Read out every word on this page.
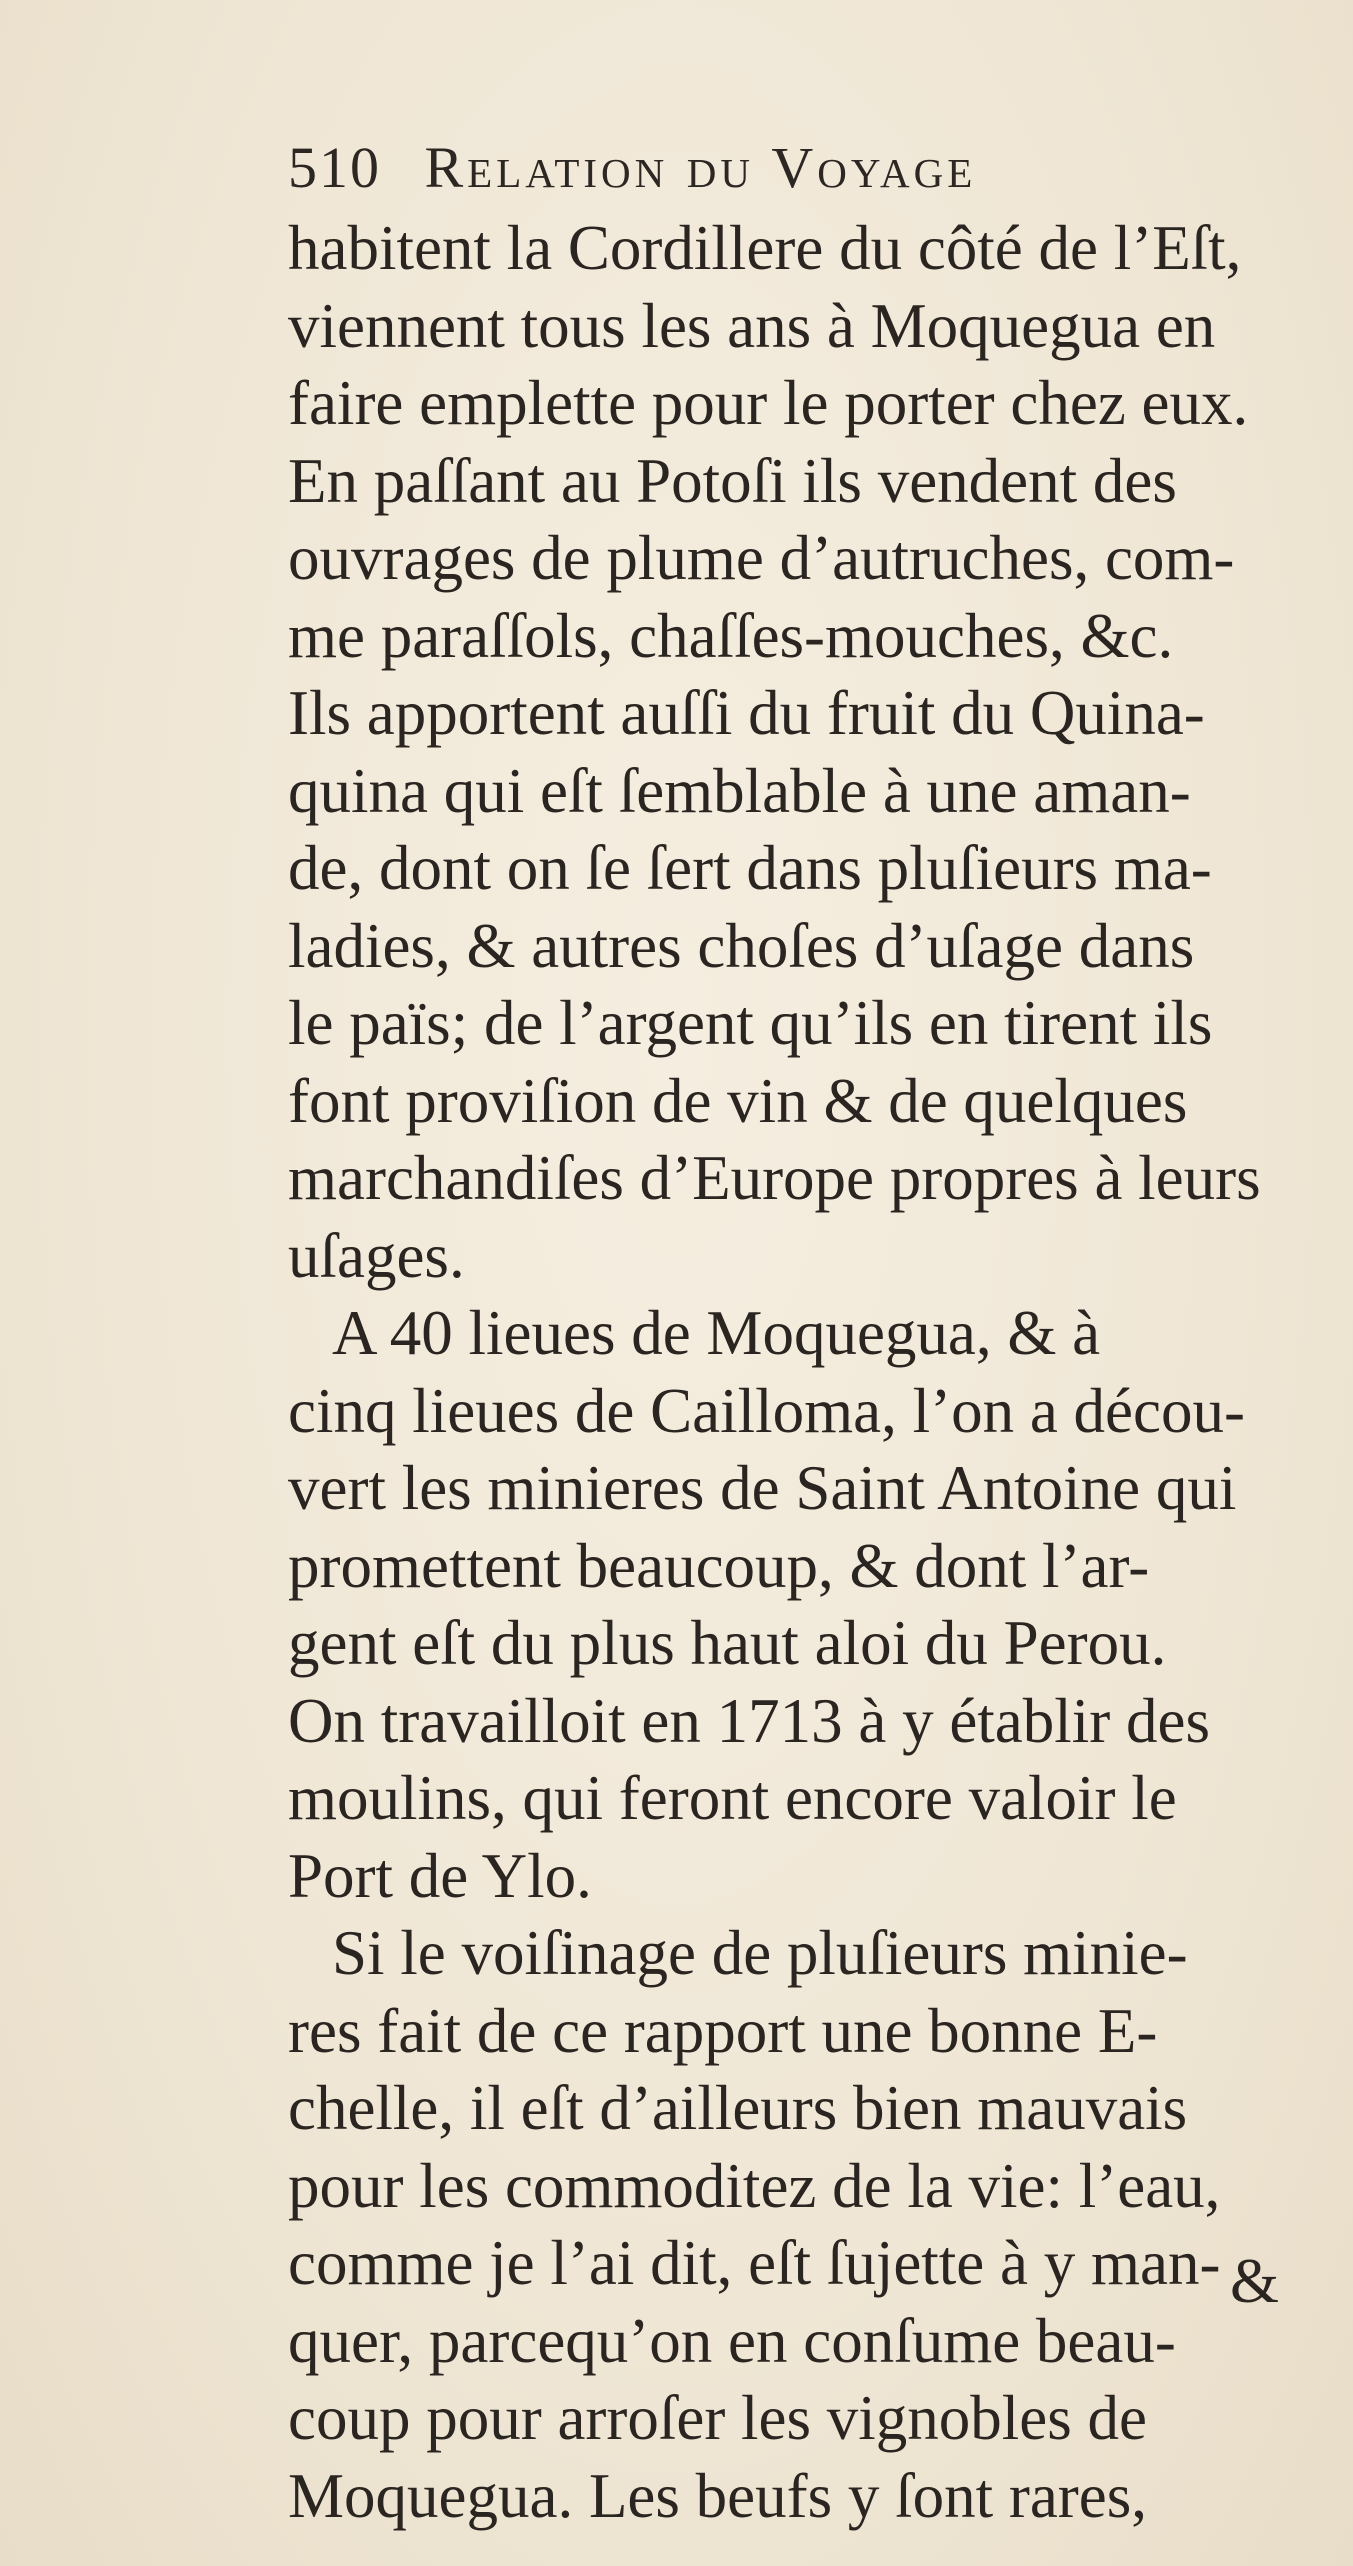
510 Relation du Voyage
habitent la Cordillere du côté de l’Eſt,
viennent tous les ans à Moquegua en
faire emplette pour le porter chez eux.
En paſſant au Potoſi ils vendent des
ouvrages de plume d’autruches, com-
me paraſſols, chaſſes-mouches, &c.
Ils apportent auſſi du fruit du Quina-
quina qui eſt ſemblable à une aman-
de, dont on ſe ſert dans pluſieurs ma-
ladies, & autres choſes d’uſage dans
le païs; de l’argent qu’ils en tirent ils
font proviſion de vin & de quelques
marchandiſes d’Europe propres à leurs
uſages.
A 40 lieues de Moquegua, & à
cinq lieues de Cailloma, l’on a décou-
vert les minieres de Saint Antoine qui
promettent beaucoup, & dont l’ar-
gent eſt du plus haut aloi du Perou.
On travailloit en 1713 à y établir des
moulins, qui feront encore valoir le
Port de Ylo.
Si le voiſinage de pluſieurs minie-
res fait de ce rapport une bonne E-
chelle, il eſt d’ailleurs bien mauvais
pour les commoditez de la vie: l’eau,
comme je l’ai dit, eſt ſujette à y man-
quer, parcequ’on en conſume beau-
coup pour arroſer les vignobles de
Moquegua. Les beufs y ſont rares,
&
